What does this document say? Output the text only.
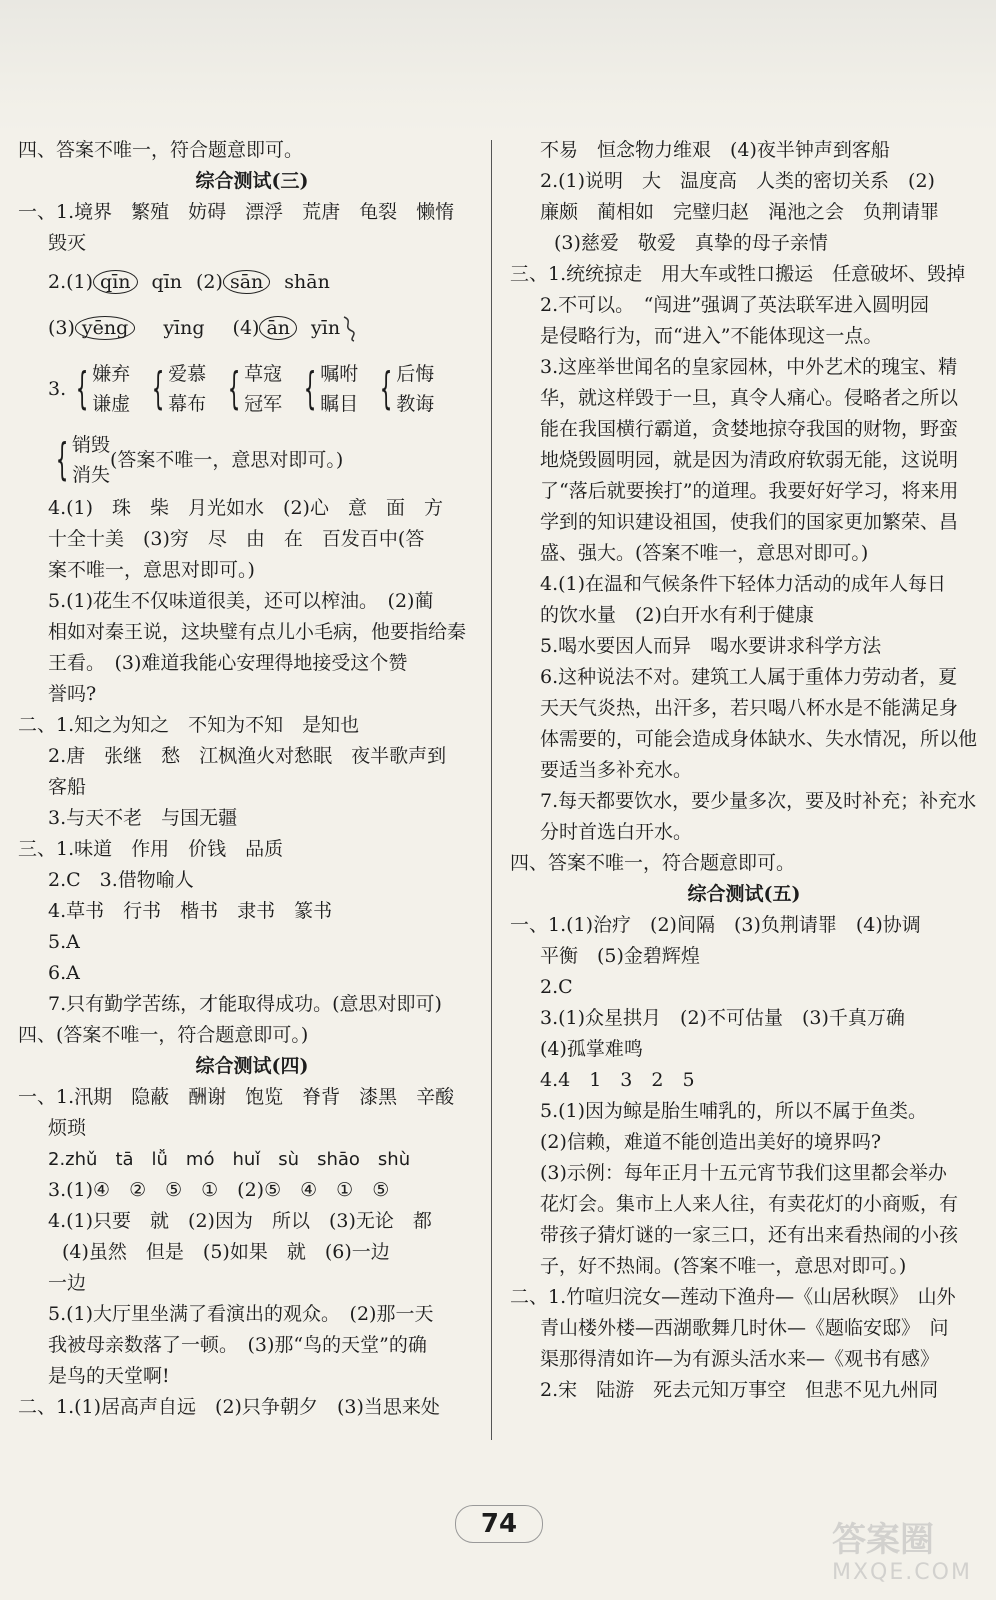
四、答案不唯一，符合题意即可。
综合测试(三)
一、1.境界　繁殖　妨碍　漂浮　荒唐　龟裂　懒惰
毁灭
2.(1) qīn	qīn (2) sān	shān
(3) yēng	yīng (4) ān	yīn
3. { 嫌弃
谦虚 { 爱慕
幕布 { 草寇
冠军 { 嘱咐
瞩目 { 后悔
教诲
{ 销毁
消失
(答案不唯一，意思对即可。)
4.(1)　珠　柴　月光如水　(2)心　意　面　方
十全十美　(3)穷　尽　由　在　百发百中(答
案不唯一，意思对即可。)
5.(1)花生不仅味道很美，还可以榨油。　(2)蔺
相如对秦王说，这块璧有点儿小毛病，他要指给秦
王看。　(3)难道我能心安理得地接受这个赞
誉吗?
二、1.知之为知之　不知为不知　是知也
2.唐　张继　愁　江枫渔火对愁眠　夜半歌声到
客船
3.与天不老　与国无疆
三、1.味道　作用　价钱　品质
2.C　3.借物喻人
4.草书　行书　楷书　隶书　篆书
5.A
6.A
7.只有勤学苦练，才能取得成功。(意思对即可)
四、(答案不唯一，符合题意即可。)
综合测试(四)
一、1.汛期　隐蔽　酬谢　饱览　脊背　漆黑　辛酸
烦琐
2.zhǔ　tā　lǚ　mó　huǐ　sù　shāo　shù
3.(1)④　②　⑤　①　(2)⑤　④　①　⑤
4.(1)只要　就　(2)因为　所以　(3)无论　都
(4)虽然　但是　(5)如果　就　(6)一边
一边
5.(1)大厅里坐满了看演出的观众。　(2)那一天
我被母亲数落了一顿。　(3)那“鸟的天堂”的确
是鸟的天堂啊!
二、1.(1)居高声自远　(2)只争朝夕　(3)当思来处
不易　恒念物力维艰　(4)夜半钟声到客船
2.(1)说明　大　温度高　人类的密切关系　(2)
廉颇　蔺相如　完璧归赵　渑池之会　负荆请罪
(3)慈爱　敬爱　真挚的母子亲情
三、1.统统掠走　用大车或牲口搬运　任意破坏、毁掉
2.不可以。　“闯进”强调了英法联军进入圆明园
是侵略行为，而“进入”不能体现这一点。
3.这座举世闻名的皇家园林，中外艺术的瑰宝、精
华，就这样毁于一旦，真令人痛心。侵略者之所以
能在我国横行霸道，贪婪地掠夺我国的财物，野蛮
地烧毁圆明园，就是因为清政府软弱无能，这说明
了“落后就要挨打”的道理。我要好好学习，将来用
学到的知识建设祖国，使我们的国家更加繁荣、昌
盛、强大。(答案不唯一，意思对即可。)
4.(1)在温和气候条件下轻体力活动的成年人每日
的饮水量　(2)白开水有利于健康
5.喝水要因人而异　喝水要讲求科学方法
6.这种说法不对。建筑工人属于重体力劳动者，夏
天天气炎热，出汗多，若只喝八杯水是不能满足身
体需要的，可能会造成身体缺水、失水情况，所以他
要适当多补充水。
7.每天都要饮水，要少量多次，要及时补充；补充水
分时首选白开水。
四、答案不唯一，符合题意即可。
综合测试(五)
一、1.(1)治疗　(2)间隔　(3)负荆请罪　(4)协调
平衡　(5)金碧辉煌
2.C
3.(1)众星拱月　(2)不可估量　(3)千真万确
(4)孤掌难鸣
4.4　1　3　2　5
5.(1)因为鲸是胎生哺乳的，所以不属于鱼类。
(2)信赖，难道不能创造出美好的境界吗?
(3)示例：每年正月十五元宵节我们这里都会举办
花灯会。集市上人来人往，有卖花灯的小商贩，有
带孩子猜灯谜的一家三口，还有出来看热闹的小孩
子，好不热闹。(答案不唯一，意思对即可。)
二、1.竹喧归浣女—莲动下渔舟—《山居秋暝》　山外
青山楼外楼—西湖歌舞几时休—《题临安邸》　问
渠那得清如许—为有源头活水来—《观书有感》
2.宋　陆游　死去元知万事空　但悲不见九州同
74	答案圈
MXQE.COM
